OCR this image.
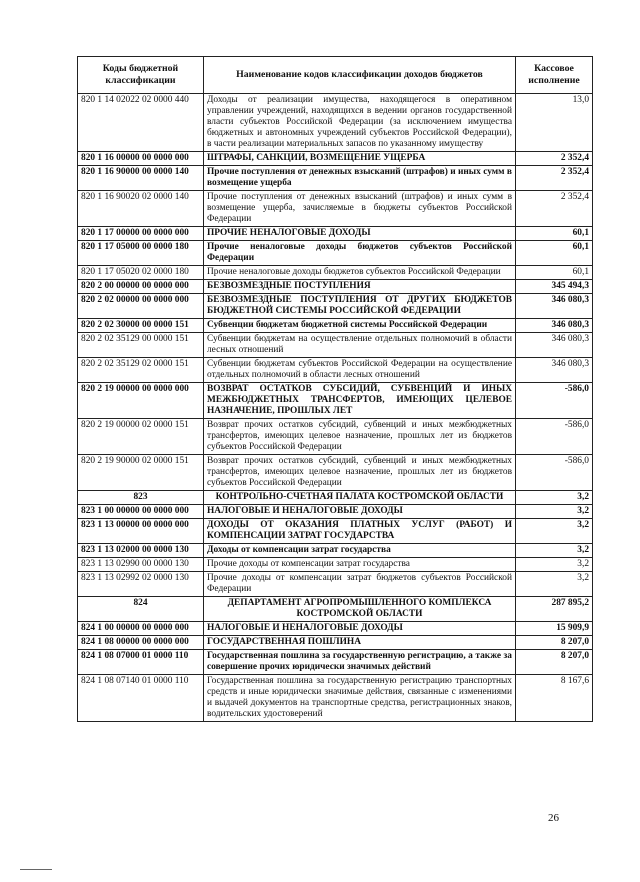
Коды бюджетной классификации	Наименование кодов классификации доходов бюджетов	Кассовое исполнение
820 1 14 02022 02 0000 440	Доходы от реализации имущества, находящегося в оперативном управлении учреждений, находящихся в ведении органов государственной власти субъектов Российской Федерации (за исключением имущества бюджетных и автономных учреждений субъектов Российской Федерации), в части реализации материальных запасов по указанному имуществу	13,0
820 1 16 00000 00 0000 000	ШТРАФЫ, САНКЦИИ, ВОЗМЕЩЕНИЕ УЩЕРБА	2 352,4
820 1 16 90000 00 0000 140	Прочие поступления от денежных взысканий (штрафов) и иных сумм в возмещение ущерба	2 352,4
820 1 16 90020 02 0000 140	Прочие поступления от денежных взысканий (штрафов) и иных сумм в возмещение ущерба, зачисляемые в бюджеты субъектов Российской Федерации	2 352,4
820 1 17 00000 00 0000 000	ПРОЧИЕ НЕНАЛОГОВЫЕ ДОХОДЫ	60,1
820 1 17 05000 00 0000 180	Прочие неналоговые доходы бюджетов субъектов Российской Федерации	60,1
820 1 17 05020 02 0000 180	Прочие неналоговые доходы бюджетов субъектов Российской Федерации	60,1
820 2 00 00000 00 0000 000	БЕЗВОЗМЕЗДНЫЕ ПОСТУПЛЕНИЯ	345 494,3
820 2 02 00000 00 0000 000	БЕЗВОЗМЕЗДНЫЕ ПОСТУПЛЕНИЯ ОТ ДРУГИХ БЮДЖЕТОВ БЮДЖЕТНОЙ СИСТЕМЫ РОССИЙСКОЙ ФЕДЕРАЦИИ	346 080,3
820 2 02 30000 00 0000 151	Субвенции бюджетам бюджетной системы Российской Федерации	346 080,3
820 2 02 35129 00 0000 151	Субвенции бюджетам на осуществление отдельных полномочий в области лесных отношений	346 080,3
820 2 02 35129 02 0000 151	Субвенции бюджетам субъектов Российской Федерации на осуществление отдельных полномочий в области лесных отношений	346 080,3
820 2 19 00000 00 0000 000	ВОЗВРАТ ОСТАТКОВ СУБСИДИЙ, СУБВЕНЦИЙ И ИНЫХ МЕЖБЮДЖЕТНЫХ ТРАНСФЕРТОВ, ИМЕЮЩИХ ЦЕЛЕВОЕ НАЗНАЧЕНИЕ, ПРОШЛЫХ ЛЕТ	-586,0
820 2 19 00000 02 0000 151	Возврат прочих остатков субсидий, субвенций и иных межбюджетных трансфертов, имеющих целевое назначение, прошлых лет из бюджетов субъектов Российской Федерации	-586,0
820 2 19 90000 02 0000 151	Возврат прочих остатков субсидий, субвенций и иных межбюджетных трансфертов, имеющих целевое назначение, прошлых лет из бюджетов субъектов Российской Федерации	-586,0
823	КОНТРОЛЬНО-СЧЕТНАЯ ПАЛАТА КОСТРОМСКОЙ ОБЛАСТИ	3,2
823 1 00 00000 00 0000 000	НАЛОГОВЫЕ И НЕНАЛОГОВЫЕ ДОХОДЫ	3,2
823 1 13 00000 00 0000 000	ДОХОДЫ ОТ ОКАЗАНИЯ ПЛАТНЫХ УСЛУГ (РАБОТ) И КОМПЕНСАЦИИ ЗАТРАТ ГОСУДАРСТВА	3,2
823 1 13 02000 00 0000 130	Доходы от компенсации затрат государства	3,2
823 1 13 02990 00 0000 130	Прочие доходы от компенсации затрат государства	3,2
823 1 13 02992 02 0000 130	Прочие доходы от компенсации затрат бюджетов субъектов Российской Федерации	3,2
824	ДЕПАРТАМЕНТ АГРОПРОМЫШЛЕННОГО КОМПЛЕКСА КОСТРОМСКОЙ ОБЛАСТИ	287 895,2
824 1 00 00000 00 0000 000	НАЛОГОВЫЕ И НЕНАЛОГОВЫЕ ДОХОДЫ	15 909,9
824 1 08 00000 00 0000 000	ГОСУДАРСТВЕННАЯ ПОШЛИНА	8 207,0
824 1 08 07000 01 0000 110	Государственная пошлина за государственную регистрацию, а также за совершение прочих юридически значимых действий	8 207,0
824 1 08 07140 01 0000 110	Государственная пошлина за государственную регистрацию транспортных средств и иные юридически значимые действия, связанные с изменениями и выдачей документов на транспортные средства, регистрационных знаков, водительских удостоверений	8 167,6
26
